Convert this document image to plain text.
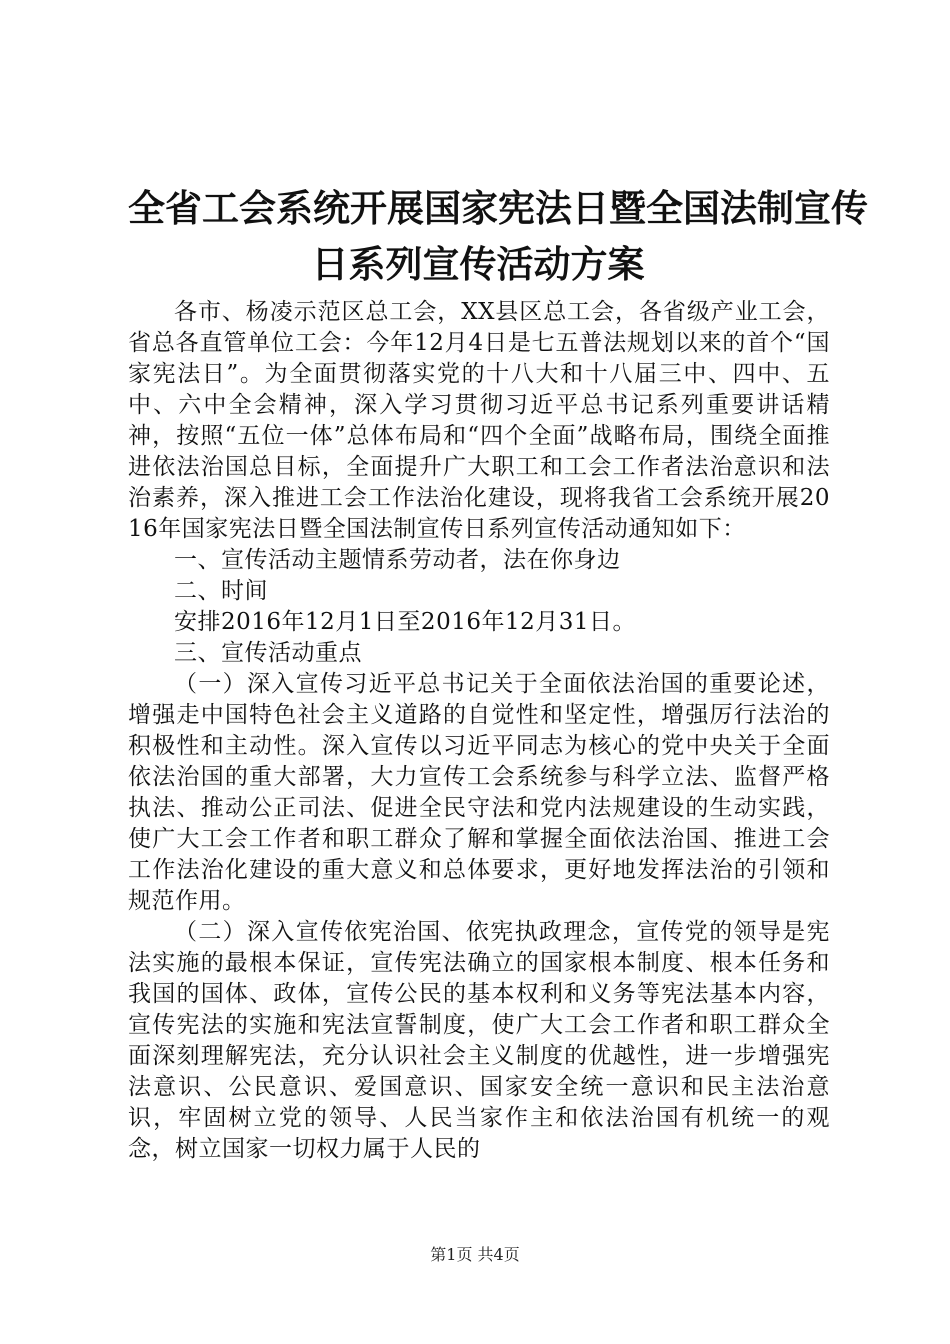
全省工会系统开展国家宪法日暨全国法制宣传
日系列宣传活动方案

各市、杨凌示范区总工会，XX县区总工会，各省级产业工会，省总各直管单位工会：今年12月4日是七五普法规划以来的首个“国家宪法日”。为全面贯彻落实党的十八大和十八届三中、四中、五中、六中全会精神，深入学习贯彻习近平总书记系列重要讲话精神，按照“五位一体”总体布局和“四个全面”战略布局，围绕全面推进依法治国总目标，全面提升广大职工和工会工作者法治意识和法治素养，深入推进工会工作法治化建设，现将我省工会系统开展2016年国家宪法日暨全国法制宣传日系列宣传活动通知如下：

一、宣传活动主题情系劳动者，法在你身边

二、时间

安排2016年12月1日至2016年12月31日。

三、宣传活动重点

（一）深入宣传习近平总书记关于全面依法治国的重要论述，增强走中国特色社会主义道路的自觉性和坚定性，增强厉行法治的积极性和主动性。深入宣传以习近平同志为核心的党中央关于全面依法治国的重大部署，大力宣传工会系统参与科学立法、监督严格执法、推动公正司法、促进全民守法和党内法规建设的生动实践，使广大工会工作者和职工群众了解和掌握全面依法治国、推进工会工作法治化建设的重大意义和总体要求，更好地发挥法治的引领和规范作用。

（二）深入宣传依宪治国、依宪执政理念，宣传党的领导是宪法实施的最根本保证，宣传宪法确立的国家根本制度、根本任务和我国的国体、政体，宣传公民的基本权利和义务等宪法基本内容，宣传宪法的实施和宪法宣誓制度，使广大工会工作者和职工群众全面深刻理解宪法，充分认识社会主义制度的优越性，进一步增强宪法意识、公民意识、爱国意识、国家安全统一意识和民主法治意识，牢固树立党的领导、人民当家作主和依法治国有机统一的观念，树立国家一切权力属于人民的

第1页 共4页
